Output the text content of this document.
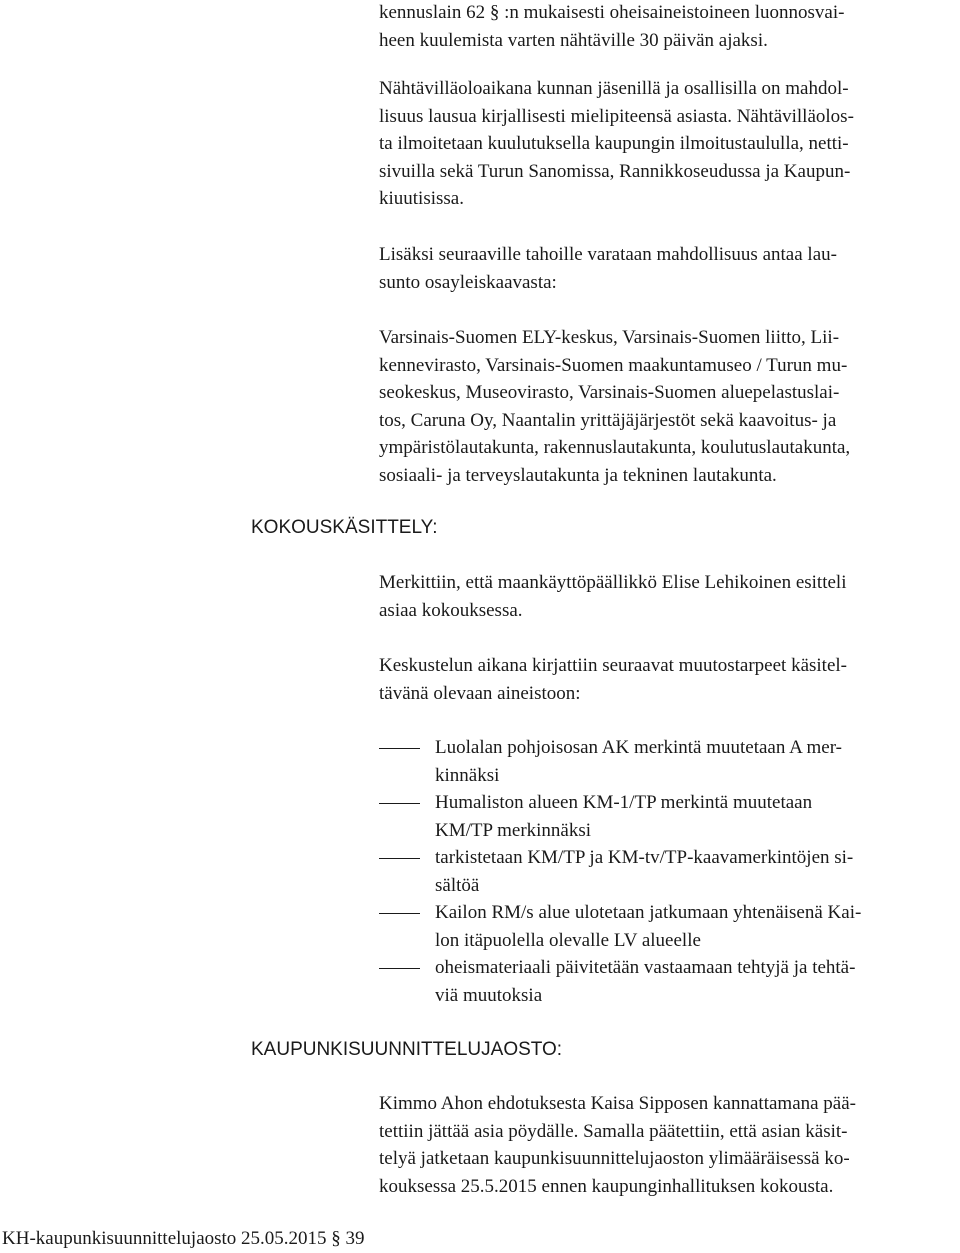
kennuslain 62 § :n mukaisesti oheisaineistoineen luonnosvai-
heen kuulemista varten nähtäville 30 päivän ajaksi.
Nähtävilläoloaikana kunnan jäsenillä ja osallisilla on mahdol-
lisuus lausua kirjallisesti mielipiteensä asiasta. Nähtävilläolos-
ta ilmoitetaan kuulutuksella kaupungin ilmoitustaululla, netti-
sivuilla sekä Turun Sanomissa, Rannikkoseudussa ja Kaupun-
kiuutisissa.
Lisäksi seuraaville tahoille varataan mahdollisuus antaa lau-
sunto osayleiskaavasta:
Varsinais-Suomen ELY-keskus, Varsinais-Suomen liitto, Lii-
kennevirasto, Varsinais-Suomen maakuntamuseo / Turun mu-
seokeskus, Museovirasto, Varsinais-Suomen aluepelastuslai-
tos, Caruna Oy, Naantalin yrittäjäjärjestöt sekä kaavoitus- ja
ympäristölautakunta, rakennuslautakunta, koulutuslautakunta,
sosiaali- ja terveyslautakunta ja tekninen lautakunta.
KOKOUSKÄSITTELY:
Merkittiin, että maankäyttöpäällikkö Elise Lehikoinen esitteli
asiaa kokouksessa.
Keskustelun aikana kirjattiin seuraavat muutostarpeet käsitel-
tävänä olevaan aineistoon:
Luolalan pohjoisosan AK merkintä muutetaan A mer-
kinnäksi
Humaliston alueen KM-1/TP merkintä muutetaan
KM/TP merkinnäksi
tarkistetaan KM/TP ja KM-tv/TP-kaavamerkintöjen si-
sältöä
Kailon RM/s alue ulotetaan jatkumaan yhtenäisenä Kai-
lon itäpuolella olevalle LV alueelle
oheismateriaali päivitetään vastaamaan tehtyjä ja tehtä-
viä muutoksia
KAUPUNKISUUNNITTELUJAOSTO:
Kimmo Ahon ehdotuksesta Kaisa Sipposen kannattamana pää-
tettiin jättää asia pöydälle. Samalla päätettiin, että asian käsit-
telyä jatketaan kaupunkisuunnittelujaoston ylimääräisessä ko-
kouksessa 25.5.2015 ennen kaupunginhallituksen kokousta.
KH-kaupunkisuunnittelujaosto 25.05.2015 § 39
